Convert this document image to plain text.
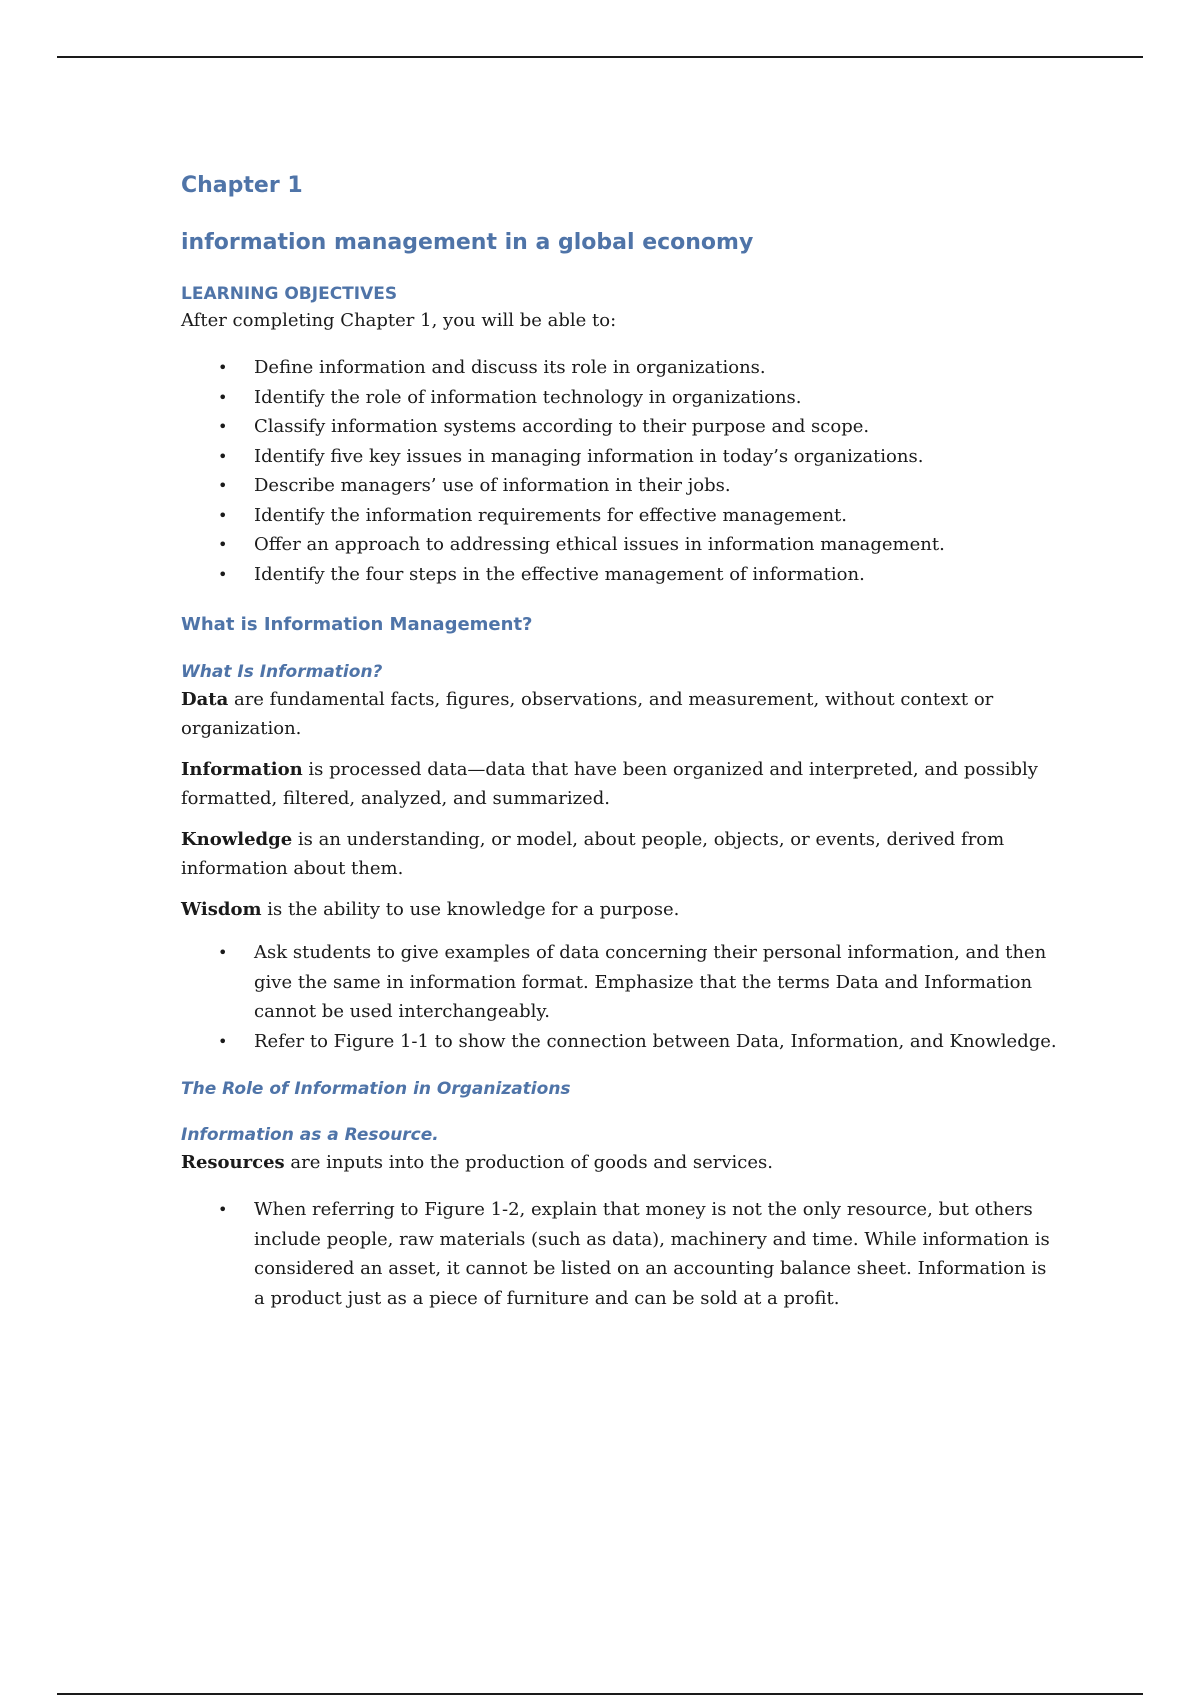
Chapter 1
information management in a global economy
LEARNING OBJECTIVES

After completing Chapter 1, you will be able to:

• Define information and discuss its role in organizations.
• Identify the role of information technology in organizations.
• Classify information systems according to their purpose and scope.
• Identify five key issues in managing information in today’s organizations.
• Describe managers’ use of information in their jobs.
• Identify the information requirements for effective management.
• Offer an approach to addressing ethical issues in information management.
• Identify the four steps in the effective management of information.
What is Information Management?
What Is Information?

Data are fundamental facts, figures, observations, and measurement, without context or organization.

Information is processed data—data that have been organized and interpreted, and possibly formatted, filtered, analyzed, and summarized.

Knowledge is an understanding, or model, about people, objects, or events, derived from information about them.

Wisdom is the ability to use knowledge for a purpose.

• Ask students to give examples of data concerning their personal information, and then give the same in information format. Emphasize that the terms Data and Information cannot be used interchangeably.
• Refer to Figure 1-1 to show the connection between Data, Information, and Knowledge.
The Role of Information in Organizations
Information as a Resource.

Resources are inputs into the production of goods and services.

• When referring to Figure 1-2, explain that money is not the only resource, but others include people, raw materials (such as data), machinery and time. While information is considered an asset, it cannot be listed on an accounting balance sheet. Information is a product just as a piece of furniture and can be sold at a profit.
